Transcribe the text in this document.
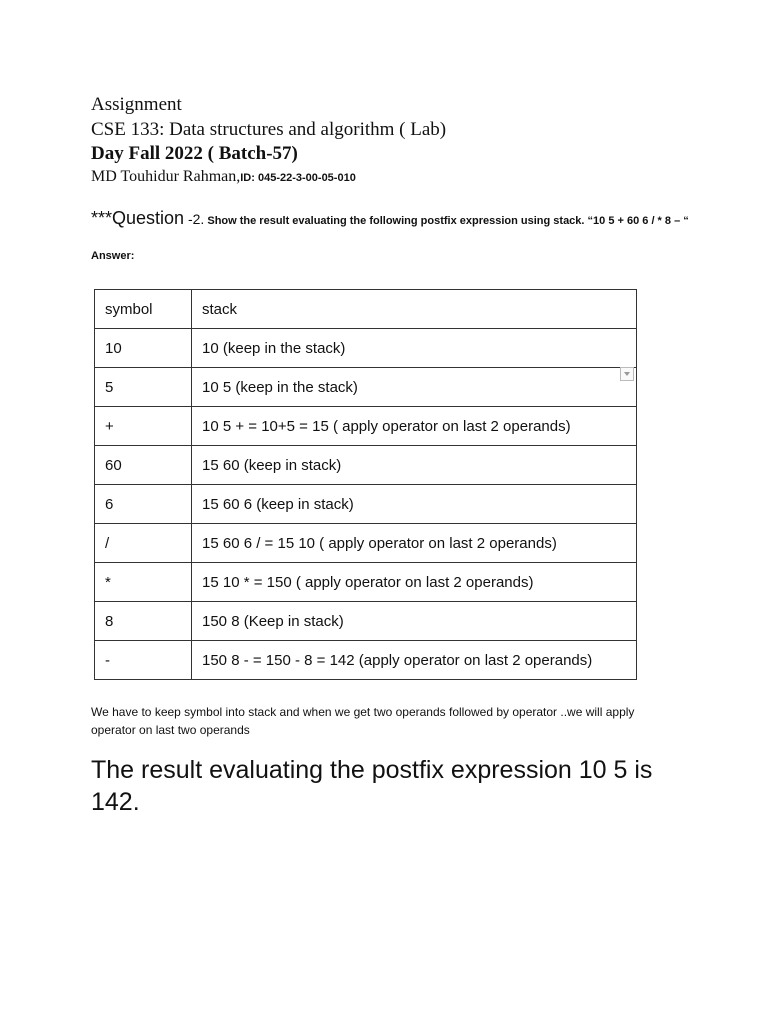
Assignment
CSE 133: Data structures and algorithm ( Lab)
Day Fall 2022 ( Batch-57)
MD Touhidur Rahman,ID: 045-22-3-00-05-010
***Question -2. Show the result evaluating the following postfix expression using stack. “10 5 + 60 6 / * 8 – “
Answer:
symbol	stack
10	10 (keep in the stack)
5	10 5 (keep in the stack)
+	10 5 + = 10+5 = 15 ( apply operator on last 2 operands)
60	15 60 (keep in stack)
6	15 60 6 (keep in stack)
/	15 60 6 / = 15 10 ( apply operator on last 2 operands)
*	15 10 * = 150 ( apply operator on last 2 operands)
8	150 8 (Keep in stack)
-	150 8 - = 150 - 8 = 142 (apply operator on last 2 operands)
We have to keep symbol into stack and when we get two operands followed by operator ..we will apply operator on last two operands
The result evaluating the postfix expression 10 5 is 142.
